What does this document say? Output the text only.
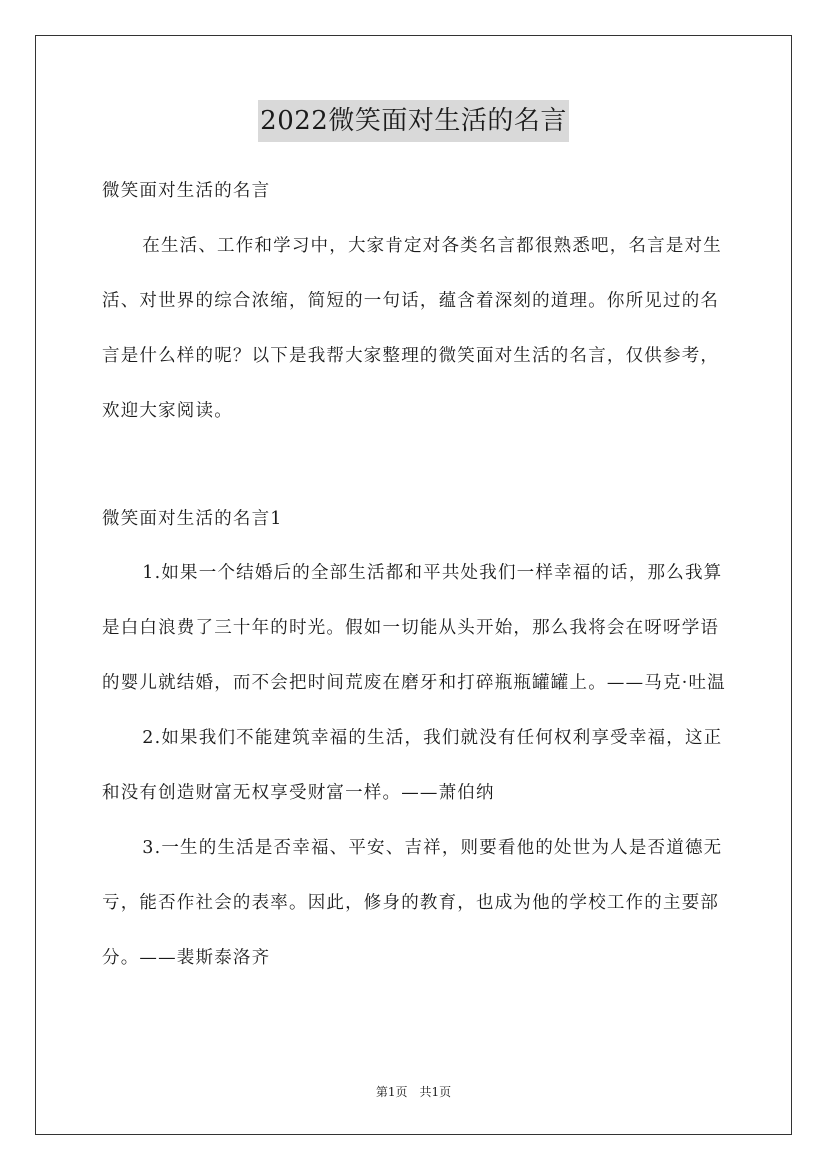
2022微笑面对生活的名言

微笑面对生活的名言

在生活、工作和学习中，大家肯定对各类名言都很熟悉吧，名言是对生活、对世界的综合浓缩，简短的一句话，蕴含着深刻的道理。你所见过的名言是什么样的呢？以下是我帮大家整理的微笑面对生活的名言，仅供参考，欢迎大家阅读。

微笑面对生活的名言1

1.如果一个结婚后的全部生活都和平共处我们一样幸福的话，那么我算是白白浪费了三十年的时光。假如一切能从头开始，那么我将会在呀呀学语的婴儿就结婚，而不会把时间荒废在磨牙和打碎瓶瓶罐罐上。——马克·吐温

2.如果我们不能建筑幸福的生活，我们就没有任何权利享受幸福，这正和没有创造财富无权享受财富一样。——萧伯纳

3.一生的生活是否幸福、平安、吉祥，则要看他的处世为人是否道德无亏，能否作社会的表率。因此，修身的教育，也成为他的学校工作的主要部分。——裴斯泰洛齐

第1页　共1页
